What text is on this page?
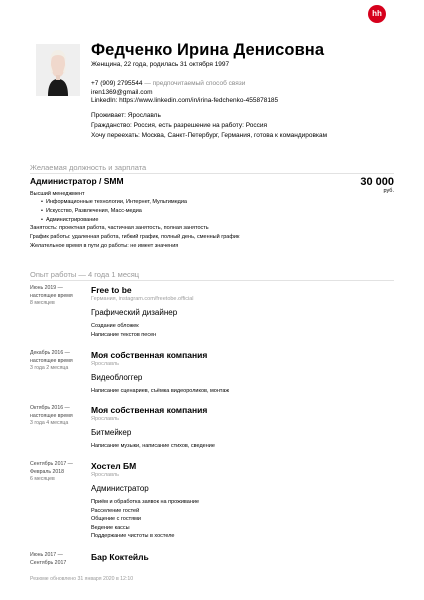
hh
Федченко Ирина Денисовна
Женщина, 22 года, родилась 31 октября 1997
+7 (909) 2795544 — предпочитаемый способ связи
iren1369@gmail.com
LinkedIn: https://www.linkedin.com/in/irina-fedchenko-455878185
Проживает: Ярославль
Гражданство: Россия, есть разрешение на работу: Россия
Хочу переехать: Москва, Санкт-Петербург, Германия, готова к командировкам
Желаемая должность и зарплата
Администратор / SMM	30 000
руб.
Высший менеджмент
• Информационные технологии, Интернет, Мультимедиа
• Искусство, Развлечения, Масс-медиа
• Администрирование
Занятость: проектная работа, частичная занятость, полная занятость
График работы: удаленная работа, гибкий график, полный день, сменный график
Желательное время в пути до работы: не имеет значения
Опыт работы — 4 года 1 месяц
Июнь 2019 —
настоящее время
8 месяцев
Free to be
Германия, instagram.com/freetobe.official
Графический дизайнер
Создание обложек
Написание текстов песен
Декабрь 2016 —
настоящее время
3 года 2 месяца
Моя собственная компания
Ярославль
Видеоблоггер
Написание сценариев, съёмка видеороликов, монтаж
Октябрь 2016 —
настоящее время
3 года 4 месяца
Моя собственная компания
Ярославль
Битмейкер
Написание музыки, написание стихов, сведение
Сентябрь 2017 —
Февраль 2018
6 месяцев
Хостел БМ
Ярославль
Администратор
Приём и обработка заявок на проживание
Расселение гостей
Общение с гостями
Ведение кассы
Поддержание чистоты в хостеле
Июнь 2017 —
Сентябрь 2017
Бар Коктейль
Резюме обновлено 31 января 2020 в 12:10
